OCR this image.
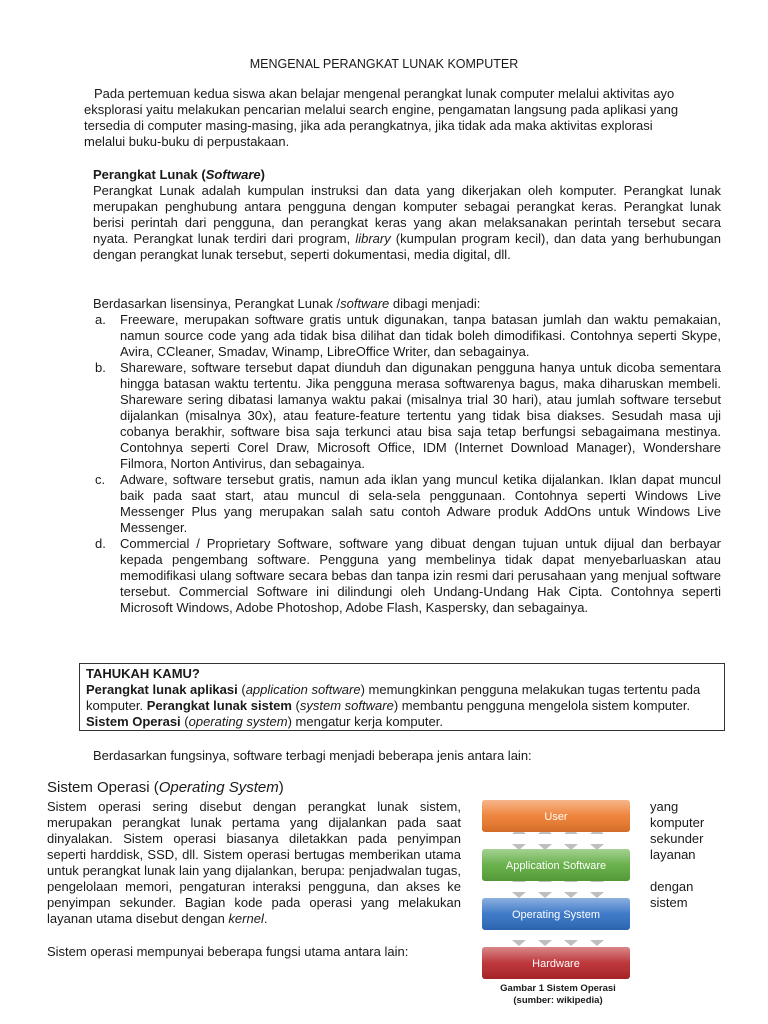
MENGENAL PERANGKAT LUNAK KOMPUTER
Pada pertemuan kedua siswa akan belajar mengenal perangkat lunak computer melalui aktivitas ayo eksplorasi yaitu melakukan pencarian melalui search engine, pengamatan langsung pada aplikasi yang tersedia di computer masing-masing, jika ada perangkatnya, jika tidak ada maka aktivitas explorasi melalui buku-buku di perpustakaan.
Perangkat Lunak (Software)
Perangkat Lunak adalah kumpulan instruksi dan data yang dikerjakan oleh komputer. Perangkat lunak merupakan penghubung antara pengguna dengan komputer sebagai perangkat keras. Perangkat lunak berisi perintah dari pengguna, dan perangkat keras yang akan melaksanakan perintah tersebut secara nyata. Perangkat lunak terdiri dari program, library (kumpulan program kecil), dan data yang berhubungan dengan perangkat lunak tersebut, seperti dokumentasi, media digital, dll.
Berdasarkan lisensinya, Perangkat Lunak /software dibagi menjadi:
a. Freeware, merupakan software gratis untuk digunakan, tanpa batasan jumlah dan waktu pemakaian, namun source code yang ada tidak bisa dilihat dan tidak boleh dimodifikasi. Contohnya seperti Skype, Avira, CCleaner, Smadav, Winamp, LibreOffice Writer, dan sebagainya.
b. Shareware, software tersebut dapat diunduh dan digunakan pengguna hanya untuk dicoba sementara hingga batasan waktu tertentu. Jika pengguna merasa softwarenya bagus, maka diharuskan membeli. Shareware sering dibatasi lamanya waktu pakai (misalnya trial 30 hari), atau jumlah software tersebut dijalankan (misalnya 30x), atau feature-feature tertentu yang tidak bisa diakses. Sesudah masa uji cobanya berakhir, software bisa saja terkunci atau bisa saja tetap berfungsi sebagaimana mestinya. Contohnya seperti Corel Draw, Microsoft Office, IDM (Internet Download Manager), Wondershare Filmora, Norton Antivirus, dan sebagainya.
c. Adware, software tersebut gratis, namun ada iklan yang muncul ketika dijalankan. Iklan dapat muncul baik pada saat start, atau muncul di sela-sela penggunaan. Contohnya seperti Windows Live Messenger Plus yang merupakan salah satu contoh Adware produk AddOns untuk Windows Live Messenger.
d. Commercial / Proprietary Software, software yang dibuat dengan tujuan untuk dijual dan berbayar kepada pengembang software. Pengguna yang membelinya tidak dapat menyebarluaskan atau memodifikasi ulang software secara bebas dan tanpa izin resmi dari perusahaan yang menjual software tersebut. Commercial Software ini dilindungi oleh Undang-Undang Hak Cipta. Contohnya seperti Microsoft Windows, Adobe Photoshop, Adobe Flash, Kaspersky, dan sebagainya.
TAHUKAH KAMU?
Perangkat lunak aplikasi (application software) memungkinkan pengguna melakukan tugas tertentu pada komputer. Perangkat lunak sistem (system software) membantu pengguna mengelola sistem komputer. Sistem Operasi (operating system) mengatur kerja komputer.
Berdasarkan fungsinya, software terbagi menjadi beberapa jenis antara lain:
Sistem Operasi (Operating System)
Sistem operasi sering disebut dengan perangkat lunak sistem, merupakan perangkat lunak pertama yang dijalankan pada saat dinyalakan. Sistem operasi biasanya diletakkan pada penyimpan seperti harddisk, SSD, dll. Sistem operasi bertugas memberikan utama untuk perangkat lunak lain yang dijalankan, berupa: penjadwalan tugas, pengelolaan memori, pengaturan interaksi pengguna, dan akses ke penyimpan sekunder. Bagian kode pada operasi yang melakukan layanan utama disebut dengan kernel.
yang
komputer
sekunder
layanan
dengan
sistem
Sistem operasi mempunyai beberapa fungsi utama antara lain:
User
Application Software
Operating System
Hardware
Gambar 1 Sistem Operasi
(sumber: wikipedia)
